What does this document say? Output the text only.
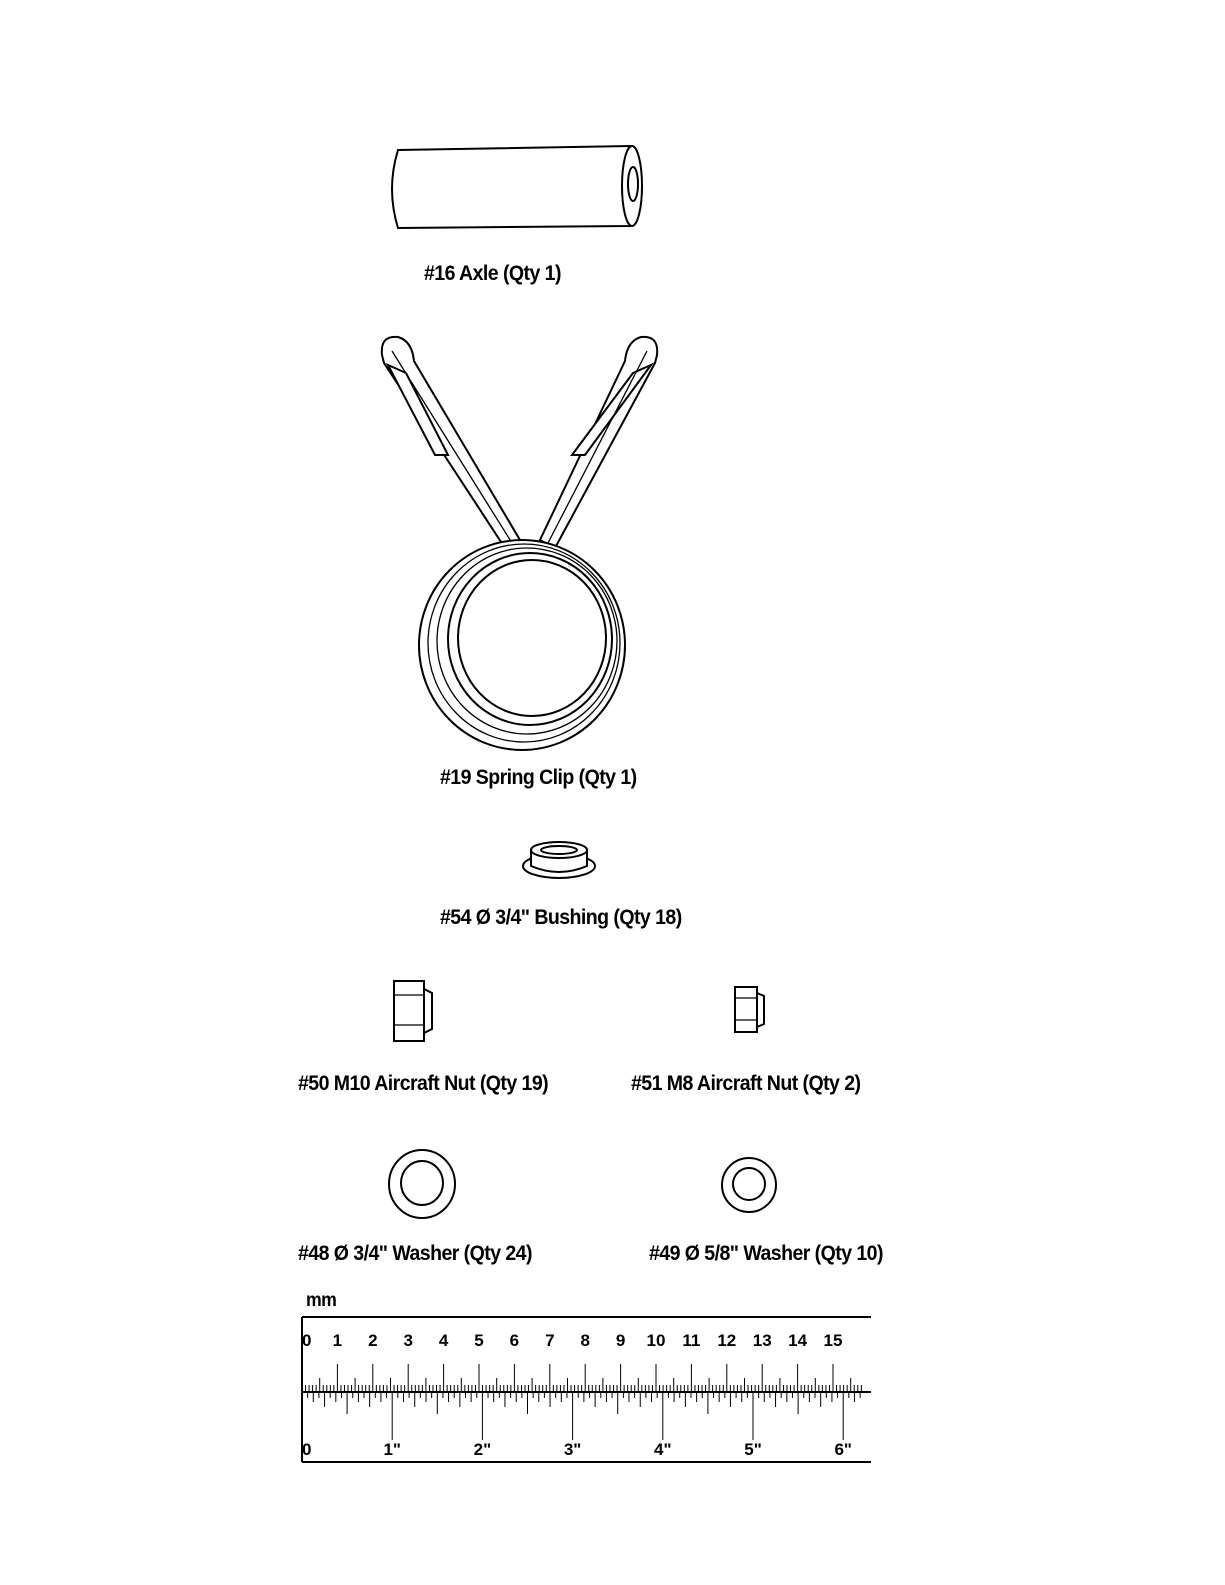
#16 Axle (Qty 1)
#19 Spring Clip (Qty 1)
#54 Ø 3/4" Bushing (Qty 18)
#50 M10 Aircraft Nut (Qty 19)	#51 M8 Aircraft Nut (Qty 2)
#48 Ø 3/4" Washer (Qty 24)	#49 Ø 5/8" Washer (Qty 10)
mm
0 1 2 3 4 5 6 7 8 9 10 11 12 13 14 15
0	1"	2"	3"	4"	5"	6"
